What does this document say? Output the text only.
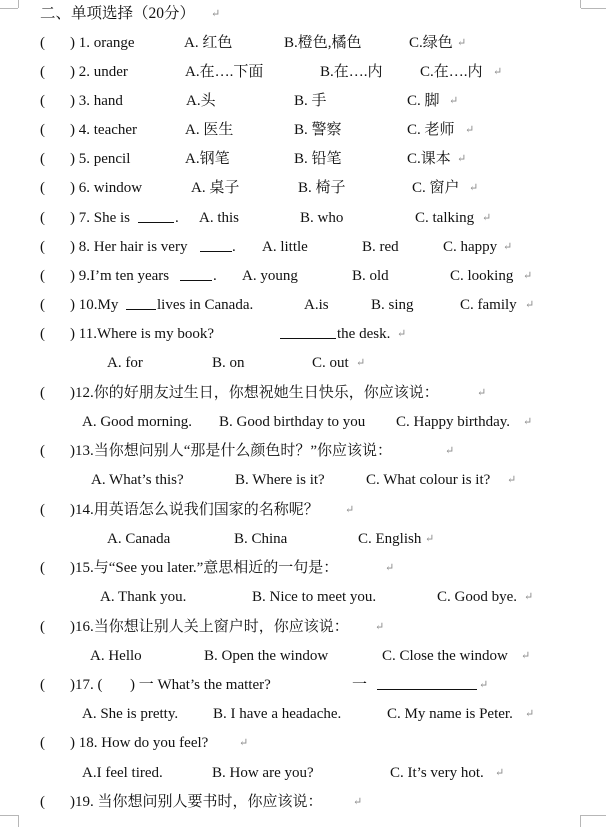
二、单项选择（20分） ↵
( ) 1. orange	A. 红色	B.橙色,橘色	C.绿色 ↵
( ) 2. under	A.在….下面	B.在….内 C.在….内 ↵
( ) 3. hand	A.头	B. 手	C. 脚 ↵
( ) 4. teacher	A. 医生	B. 警察	C. 老师 ↵
( ) 5. pencil	A.钢笔	B. 铅笔	C.课本 ↵
( ) 6. window	A. 桌子	B. 椅子	C. 窗户 ↵
( ) 7. She is	. A. this	B. who	C. talking ↵
( ) 8. Her hair is very	. A. little	B. red	C. happy ↵
( ) 9.I’m ten years	. A. young	B. old	C. looking ↵
( ) 10.My	lives in Canada.	A.is	B. sing	C. family ↵
( ) 11.Where is my book?	the desk. ↵
A. for	B. on	C. out ↵
( )12.你的好朋友过生日，你想祝她生日快乐，你应该说：	↵
A. Good morning. B. Good birthday to you C. Happy birthday. ↵
( )13.当你想问别人“那是什么颜色时？”你应该说：	↵
A. What’s this?	B. Where is it?	C. What colour is it? ↵
( )14.用英语怎么说我们国家的名称呢？ ↵
A. Canada	B. China	C. English ↵
( )15.与“See you later.”意思相近的一句是：	↵
A. Thank you.	B. Nice to meet you.	C. Good bye. ↵
( )16.当你想让别人关上窗户时，你应该说： ↵
A. Hello	B. Open the window	C. Close the window ↵
( )17. ( ) 一 What’s the matter?	一	↵
A. She is pretty. B. I have a headache.	C. My name is Peter. ↵
( ) 18. How do you feel?	↵
A.I feel tired.	B. How are you?	C. It’s very hot. ↵
( )19. 当你想问别人要书时，你应该说：	↵
